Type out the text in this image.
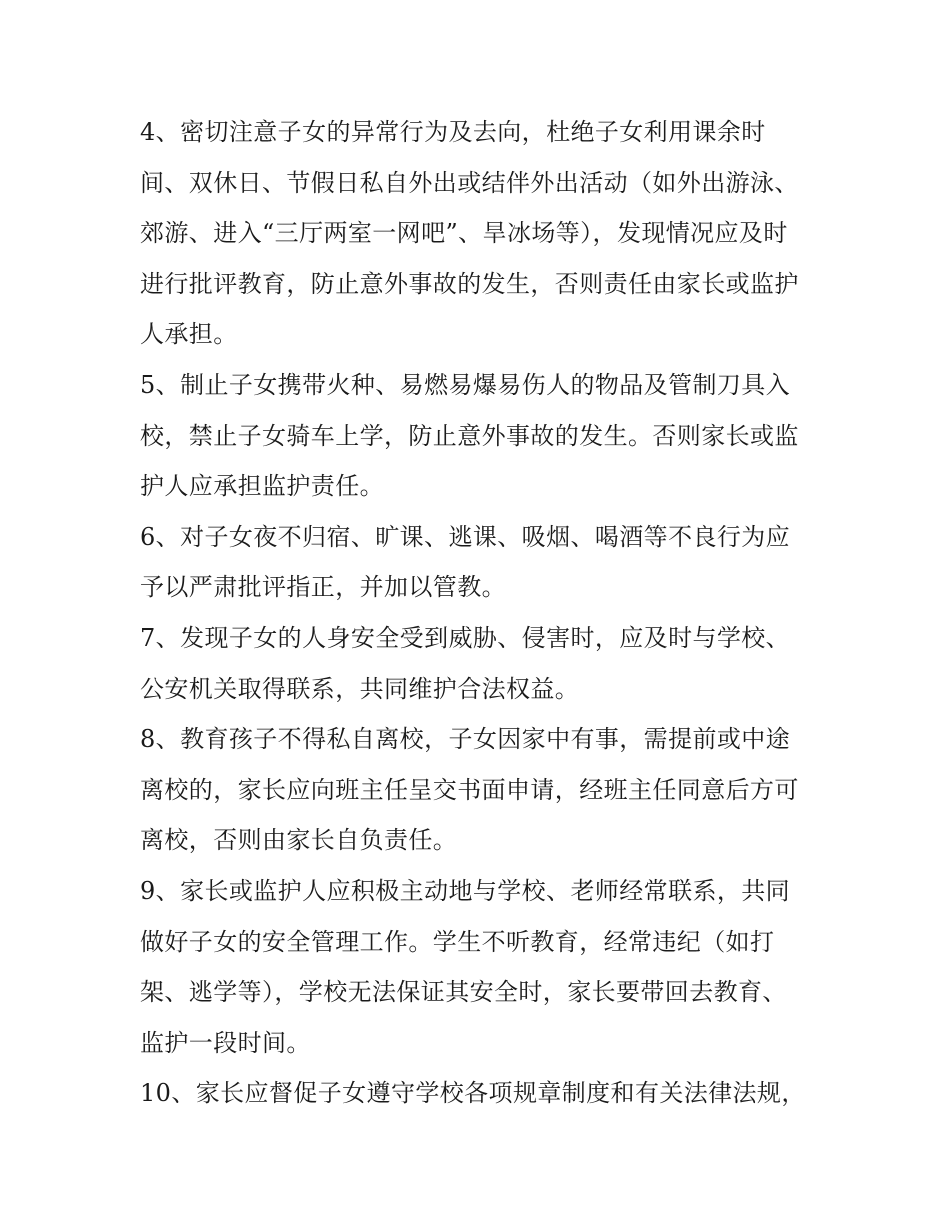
4、密切注意子女的异常行为及去向，杜绝子女利用课余时
间、双休日、节假日私自外出或结伴外出活动（如外出游泳、
郊游、进入“三厅两室一网吧”、旱冰场等），发现情况应及时
进行批评教育，防止意外事故的发生，否则责任由家长或监护
人承担。
5、制止子女携带火种、易燃易爆易伤人的物品及管制刀具入
校，禁止子女骑车上学，防止意外事故的发生。否则家长或监
护人应承担监护责任。
6、对子女夜不归宿、旷课、逃课、吸烟、喝酒等不良行为应
予以严肃批评指正，并加以管教。
7、发现子女的人身安全受到威胁、侵害时，应及时与学校、
公安机关取得联系，共同维护合法权益。
8、教育孩子不得私自离校，子女因家中有事，需提前或中途
离校的，家长应向班主任呈交书面申请，经班主任同意后方可
离校，否则由家长自负责任。
9、家长或监护人应积极主动地与学校、老师经常联系，共同
做好子女的安全管理工作。学生不听教育，经常违纪（如打
架、逃学等），学校无法保证其安全时，家长要带回去教育、
监护一段时间。
10、家长应督促子女遵守学校各项规章制度和有关法律法规，
